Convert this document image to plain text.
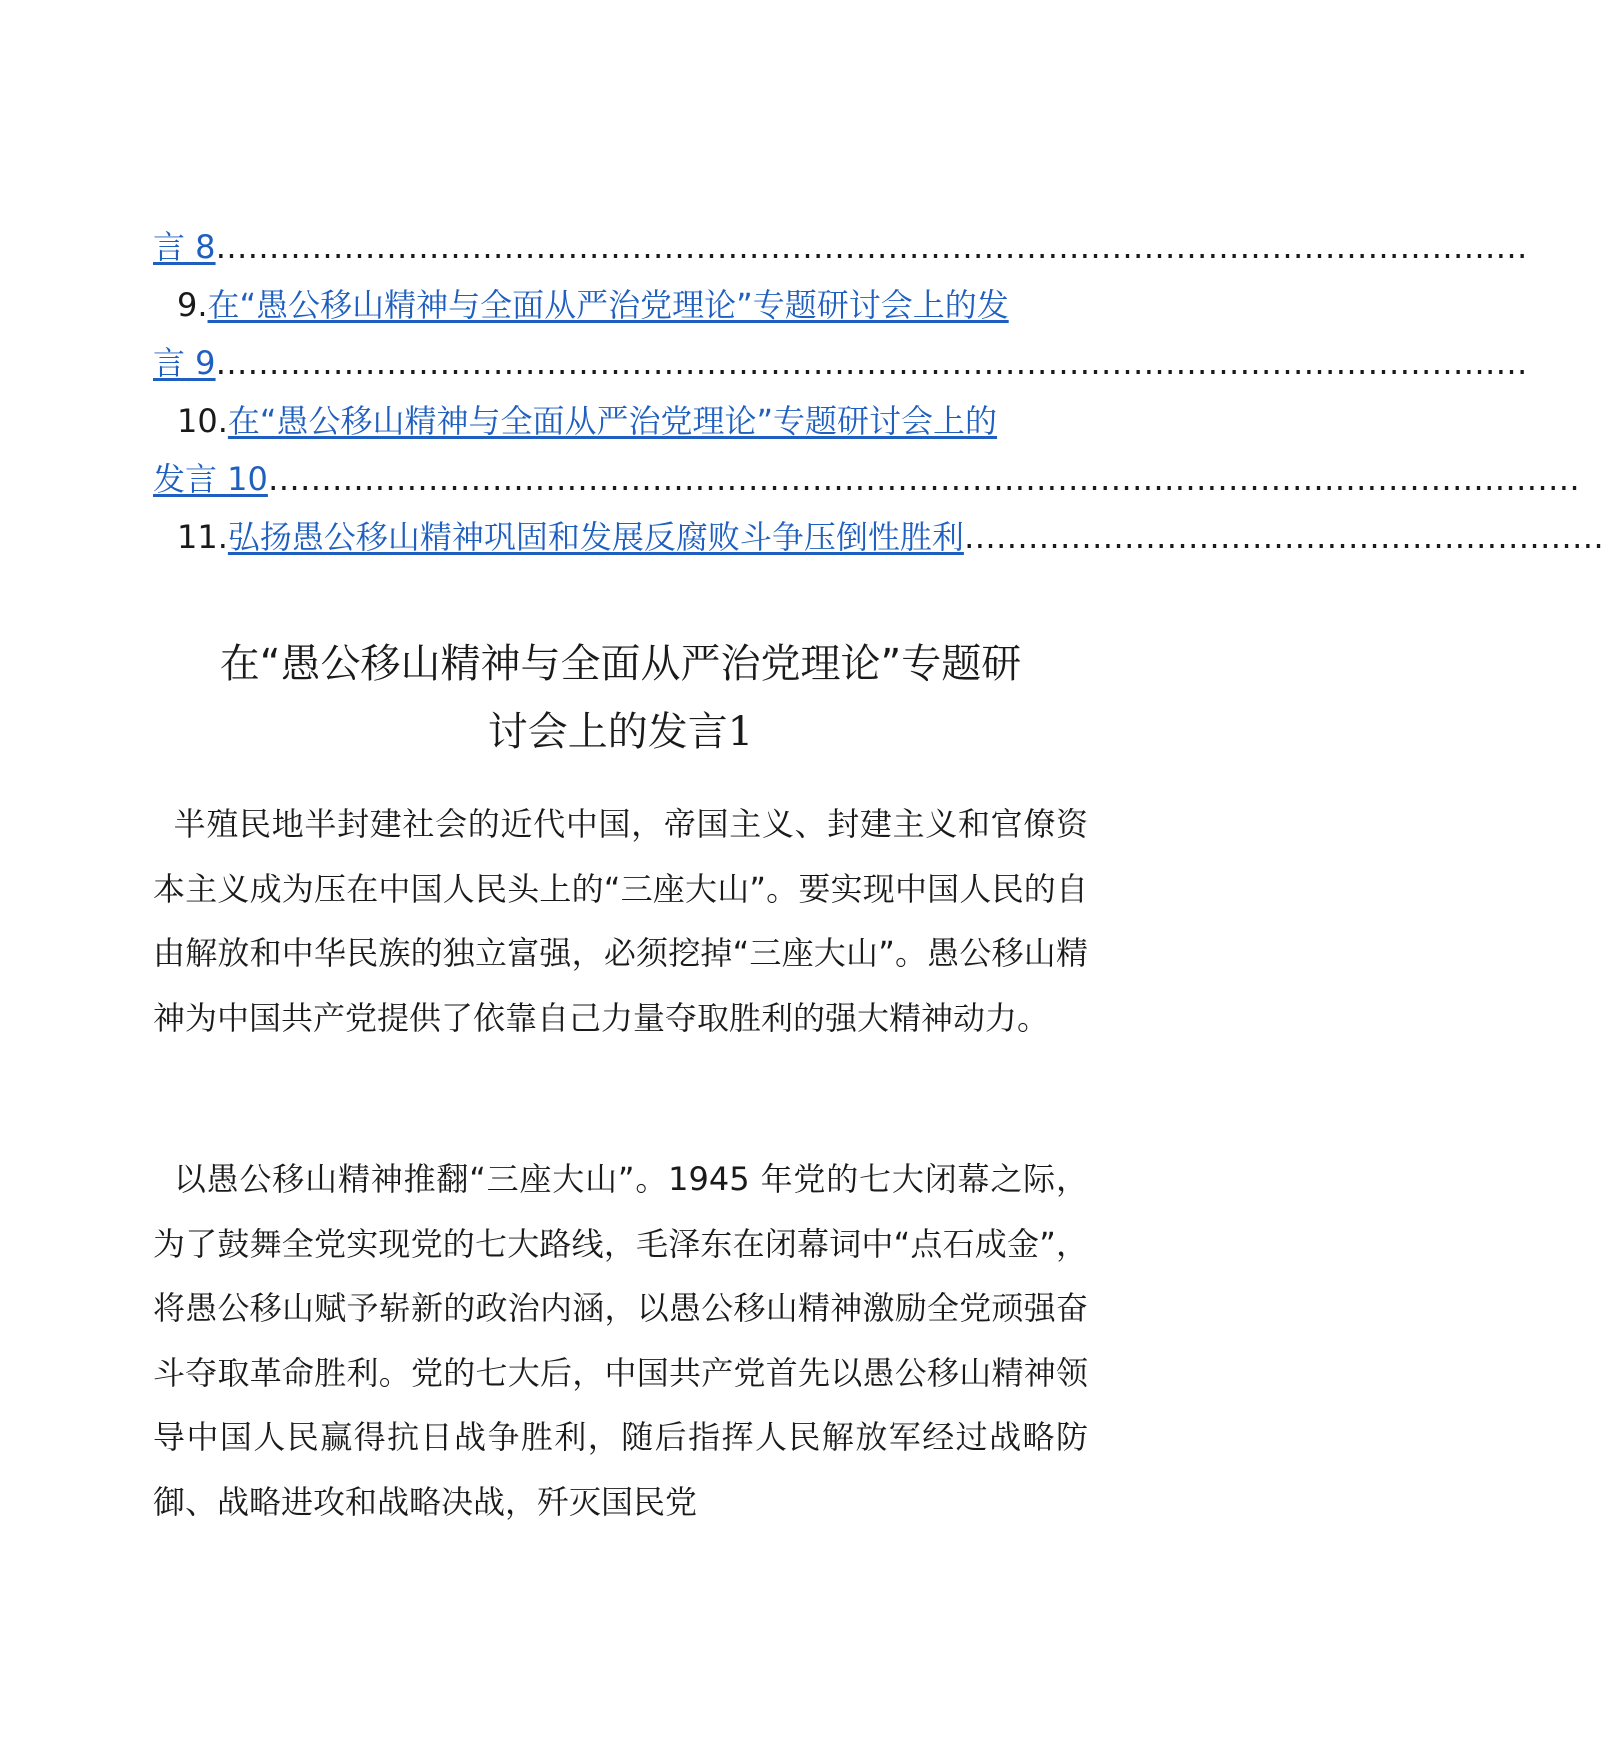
言 8……………………………………………………………………………………………………………
9.在“愚公移山精神与全面从严治党理论”专题研讨会上的发
言 9……………………………………………………………………………………………………………
10.在“愚公移山精神与全面从严治党理论”专题研讨会上的
发言 10……………………………………………………………………………………………………………
11.弘扬愚公移山精神巩固和发展反腐败斗争压倒性胜利……………………………………………………
在“愚公移山精神与全面从严治党理论”专题研
讨会上的发言1
半殖民地半封建社会的近代中国，帝国主义、封建主义和官僚资本主义成为压在中国人民头上的“三座大山”。要实现中国人民的自由解放和中华民族的独立富强，必须挖掉“三座大山”。愚公移山精神为中国共产党提供了依靠自己力量夺取胜利的强大精神动力。
以愚公移山精神推翻“三座大山”。1945 年党的七大闭幕之际，为了鼓舞全党实现党的七大路线，毛泽东在闭幕词中“点石成金”，将愚公移山赋予崭新的政治内涵，以愚公移山精神激励全党顽强奋斗夺取革命胜利。党的七大后，中国共产党首先以愚公移山精神领导中国人民赢得抗日战争胜利，随后指挥人民解放军经过战略防御、战略进攻和战略决战，歼灭国民党
